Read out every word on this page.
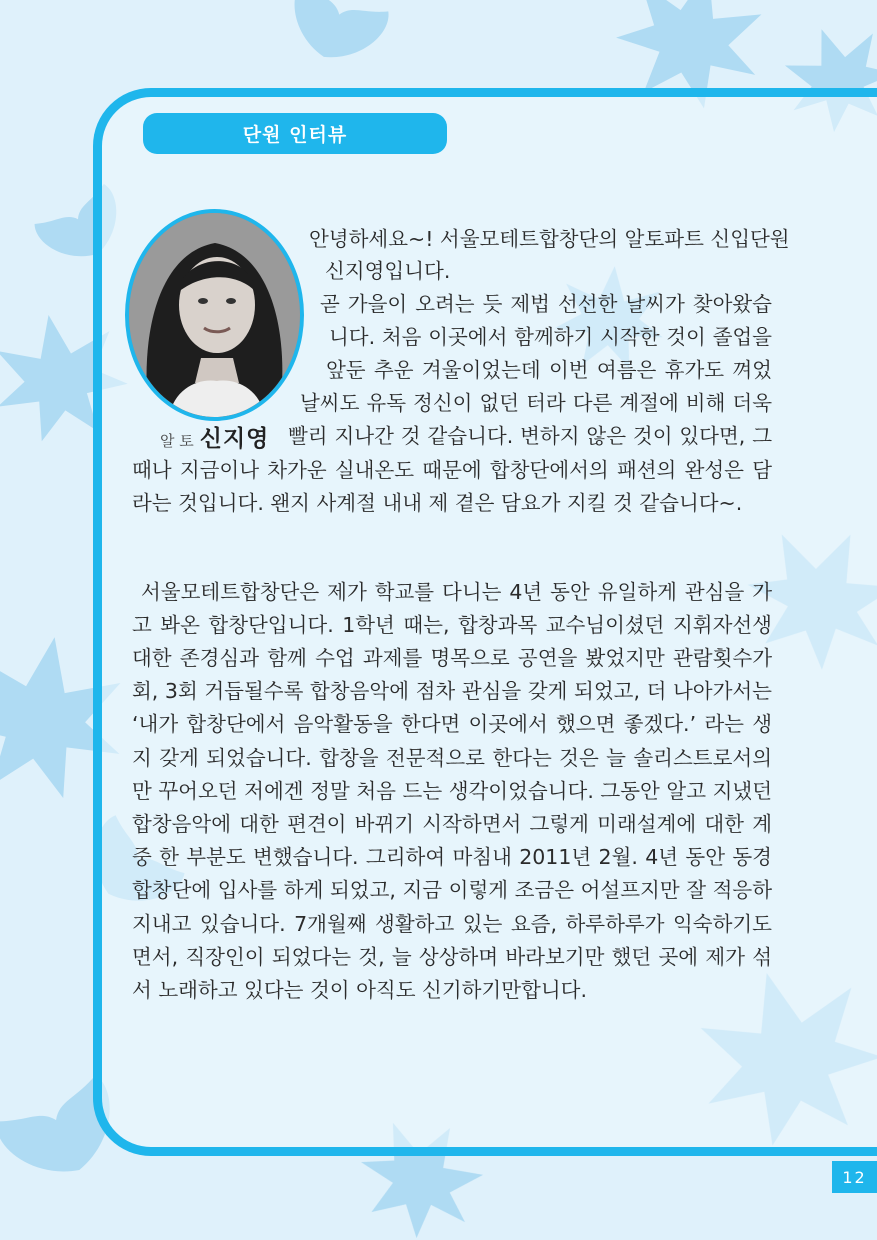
단원 인터뷰
알 토 신지영
안녕하세요~! 서울모테트합창단의 알토파트 신입단원
신지영입니다.
곧 가을이 오려는 듯 제법 선선한 날씨가 찾아왔습
니다. 처음 이곳에서 함께하기 시작한 것이 졸업을
앞둔 추운 겨울이었는데 이번 여름은 휴가도 껴었
날씨도 유독 정신이 없던 터라 다른 계절에 비해 더욱
빨리 지나간 것 같습니다. 변하지 않은 것이 있다면, 그
때나 지금이나 차가운 실내온도 때문에 합창단에서의 패션의 완성은 담
라는 것입니다. 왠지 사계절 내내 제 곁은 담요가 지킬 것 같습니다~.
서울모테트합창단은 제가 학교를 다니는 4년 동안 유일하게 관심을 가
고 봐온 합창단입니다. 1학년 때는, 합창과목 교수님이셨던 지휘자선생
대한 존경심과 함께 수업 과제를 명목으로 공연을 봤었지만 관람횟수가
회, 3회 거듭될수록 합창음악에 점차 관심을 갖게 되었고, 더 나아가서는
‘내가 합창단에서 음악활동을 한다면 이곳에서 했으면 좋겠다.’ 라는 생
지 갖게 되었습니다. 합창을 전문적으로 한다는 것은 늘 솔리스트로서의
만 꾸어오던 저에겐 정말 처음 드는 생각이었습니다. 그동안 알고 지냈던
합창음악에 대한 편견이 바뀌기 시작하면서 그렇게 미래설계에 대한 계
중 한 부분도 변했습니다. 그리하여 마침내 2011년 2월. 4년 동안 동경
합창단에 입사를 하게 되었고, 지금 이렇게 조금은 어설프지만 잘 적응하
지내고 있습니다. 7개월째 생활하고 있는 요즘, 하루하루가 익숙하기도
면서, 직장인이 되었다는 것, 늘 상상하며 바라보기만 했던 곳에 제가 섞
서 노래하고 있다는 것이 아직도 신기하기만합니다.
12
